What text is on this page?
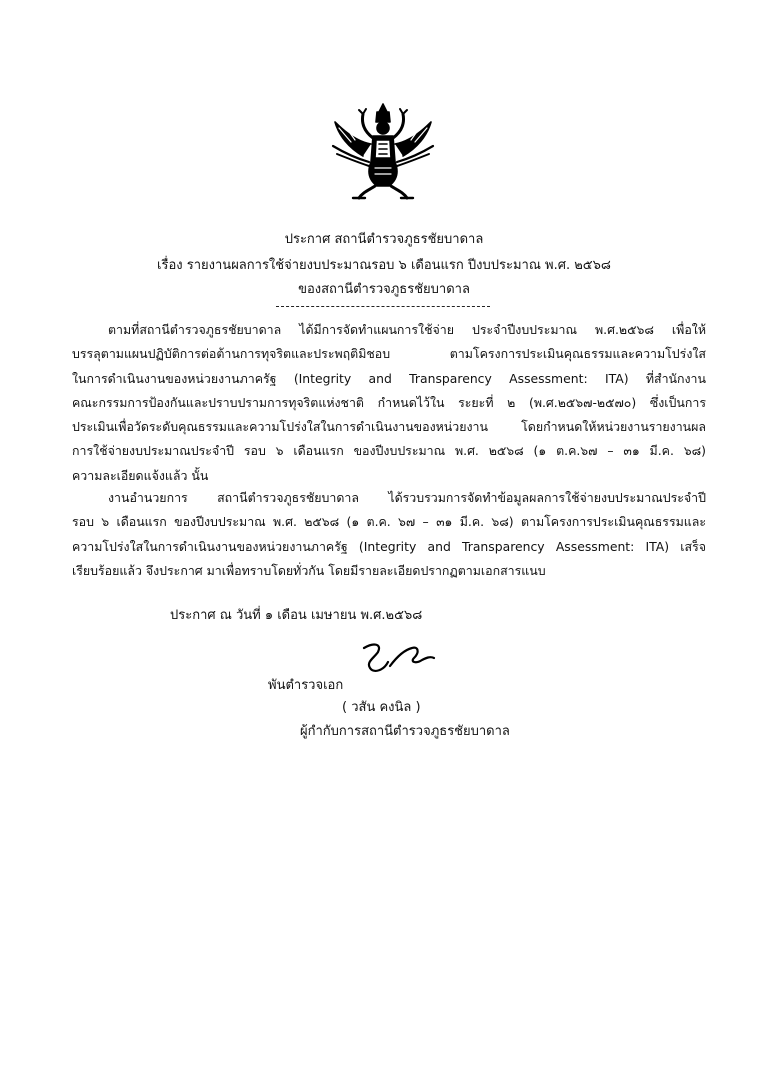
ประกาศ สถานีตำรวจภูธรชัยบาดาล
เรื่อง รายงานผลการใช้จ่ายงบประมาณรอบ ๖ เดือนแรก ปีงบประมาณ พ.ศ. ๒๕๖๘
ของสถานีตำรวจภูธรชัยบาดาล
ตามที่สถานีตำรวจภูธรชัยบาดาล ได้มีการจัดทำแผนการใช้จ่าย ประจำปีงบประมาณ พ.ศ.๒๕๖๘ เพื่อให้
บรรลุตามแผนปฏิบัติการต่อต้านการทุจริตและประพฤติมิชอบ ตามโครงการประเมินคุณธรรมและความโปร่งใส
ในการดำเนินงานของหน่วยงานภาครัฐ (Integrity and Transparency Assessment: ITA) ที่สำนักงาน
คณะกรรมการป้องกันและปราบปรามการทุจริตแห่งชาติ กำหนดไว้ใน ระยะที่ ๒ (พ.ศ.๒๕๖๗-๒๕๗๐) ซึ่งเป็นการ
ประเมินเพื่อวัดระดับคุณธรรมและความโปร่งใสในการดำเนินงานของหน่วยงาน โดยกำหนดให้หน่วยงานรายงานผล
การใช้จ่ายงบประมาณประจำปี รอบ ๖ เดือนแรก ของปีงบประมาณ พ.ศ. ๒๕๖๘ (๑ ต.ค.๖๗ – ๓๑ มี.ค. ๖๘)
ความละเอียดแจ้งแล้ว นั้น
งานอำนวยการ สถานีตำรวจภูธรชัยบาดาล ได้รวบรวมการจัดทำข้อมูลผลการใช้จ่ายงบประมาณประจำปี
รอบ ๖ เดือนแรก ของปีงบประมาณ พ.ศ. ๒๕๖๘ (๑ ต.ค. ๖๗ – ๓๑ มี.ค. ๖๘) ตามโครงการประเมินคุณธรรมและ
ความโปร่งใสในการดำเนินงานของหน่วยงานภาครัฐ (Integrity and Transparency Assessment: ITA) เสร็จ
เรียบร้อยแล้ว จึงประกาศ มาเพื่อทราบโดยทั่วกัน โดยมีรายละเอียดปรากฏตามเอกสารแนบ
ประกาศ ณ วันที่ ๑ เดือน เมษายน พ.ศ.๒๕๖๘
พันตำรวจเอก
( วสัน คงนิล )
ผู้กำกับการสถานีตำรวจภูธรชัยบาดาล
